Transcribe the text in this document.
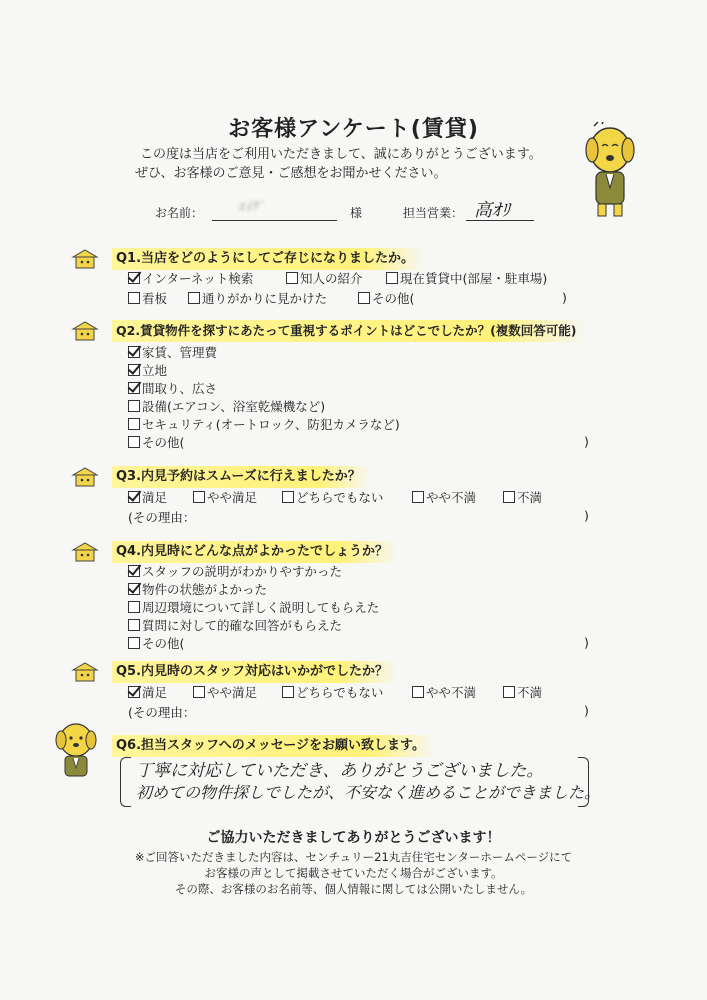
お客様アンケート(賃貸)
この度は当店をご利用いただきまして、誠にありがとうございます。
ぜひ、お客様のご意見・ご感想をお聞かせください。
お名前：	ｴｲｸﾞ	様	担当営業： 高ｵﾘ
Q1.当店をどのようにしてご存じになりましたか。
インターネット検索	知人の紹介	現在賃貸中(部屋・駐車場)
看板	通りがかりに見かけた	その他(	)
Q2.賃貸物件を探すにあたって重視するポイントはどこでしたか？(複数回答可能)
家賃、管理費
立地
間取り、広さ
設備(エアコン、浴室乾燥機など)
セキュリティ(オートロック、防犯カメラなど)
その他(	)
Q3.内見予約はスムーズに行えましたか？
満足	やや満足	どちらでもない	やや不満	不満
(その理由：	)
Q4.内見時にどんな点がよかったでしょうか？
スタッフの説明がわかりやすかった
物件の状態がよかった
周辺環境について詳しく説明してもらえた
質問に対して的確な回答がもらえた
その他(	)
Q5.内見時のスタッフ対応はいかがでしたか？
満足	やや満足	どちらでもない	やや不満	不満
(その理由：	)
Q6.担当スタッフへのメッセージをお願い致します。
丁寧に対応していただき、ありがとうございました。
初めての物件探しでしたが、不安なく進めることができました。
ご協力いただきましてありがとうございます！
※ご回答いただきました内容は、センチュリー21丸吉住宅センターホームページにて
お客様の声として掲載させていただく場合がございます。
その際、お客様のお名前等、個人情報に関しては公開いたしません。
